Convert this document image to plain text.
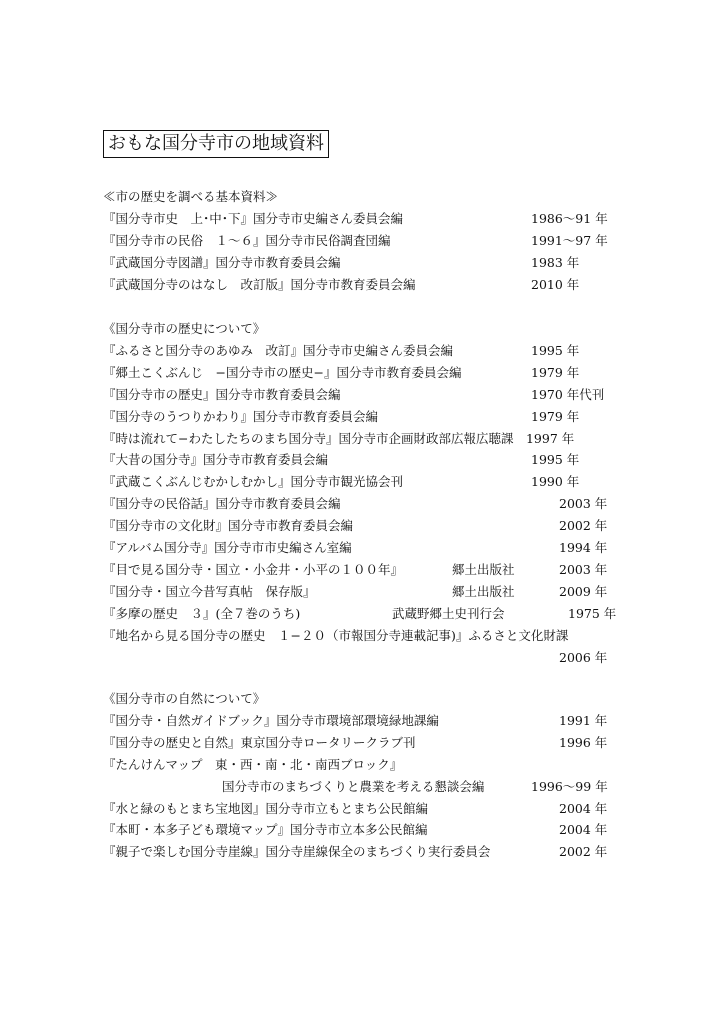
おもな国分寺市の地域資料
≪市の歴史を調べる基本資料≫
『国分寺市史　上･中･下』国分寺市史編さん委員会編	1986〜91 年
『国分寺市の民俗　１〜６』国分寺市民俗調査団編	1991〜97 年
『武蔵国分寺図譜』国分寺市教育委員会編	1983 年
『武蔵国分寺のはなし　改訂版』国分寺市教育委員会編	2010 年
《国分寺市の歴史について》
『ふるさと国分寺のあゆみ　改訂』国分寺市史編さん委員会編	1995 年
『郷土こくぶんじ　−国分寺市の歴史−』国分寺市教育委員会編	1979 年
『国分寺市の歴史』国分寺市教育委員会編	1970 年代刊
『国分寺のうつりかわり』国分寺市教育委員会編	1979 年
『時は流れて−わたしたちのまち国分寺』国分寺市企画財政部広報広聴課　1997 年
『大昔の国分寺』国分寺市教育委員会編	1995 年
『武蔵こくぶんじむかしむかし』国分寺市観光協会刊	1990 年
『国分寺の民俗話』国分寺市教育委員会編	2003 年
『国分寺市の文化財』国分寺市教育委員会編	2002 年
『アルバム国分寺』国分寺市市史編さん室編	1994 年
『目で見る国分寺・国立・小金井・小平の１００年』	郷土出版社	2003 年
『国分寺・国立今昔写真帖　保存版』	郷土出版社	2009 年
『多摩の歴史　３』(全７巻のうち)	武蔵野郷土史刊行会	1975 年
『地名から見る国分寺の歴史　１−２０（市報国分寺連載記事)』ふるさと文化財課
2006 年
《国分寺市の自然について》
『国分寺・自然ガイドブック』国分寺市環境部環境緑地課編	1991 年
『国分寺の歴史と自然』東京国分寺ロータリークラブ刊	1996 年
『たんけんマップ　東・西・南・北・南西ブロック』
国分寺市のまちづくりと農業を考える懇談会編	1996〜99 年
『水と緑のもとまち宝地図』国分寺市立もとまち公民館編	2004 年
『本町・本多子ども環境マップ』国分寺市立本多公民館編	2004 年
『親子で楽しむ国分寺崖線』国分寺崖線保全のまちづくり実行委員会	2002 年
